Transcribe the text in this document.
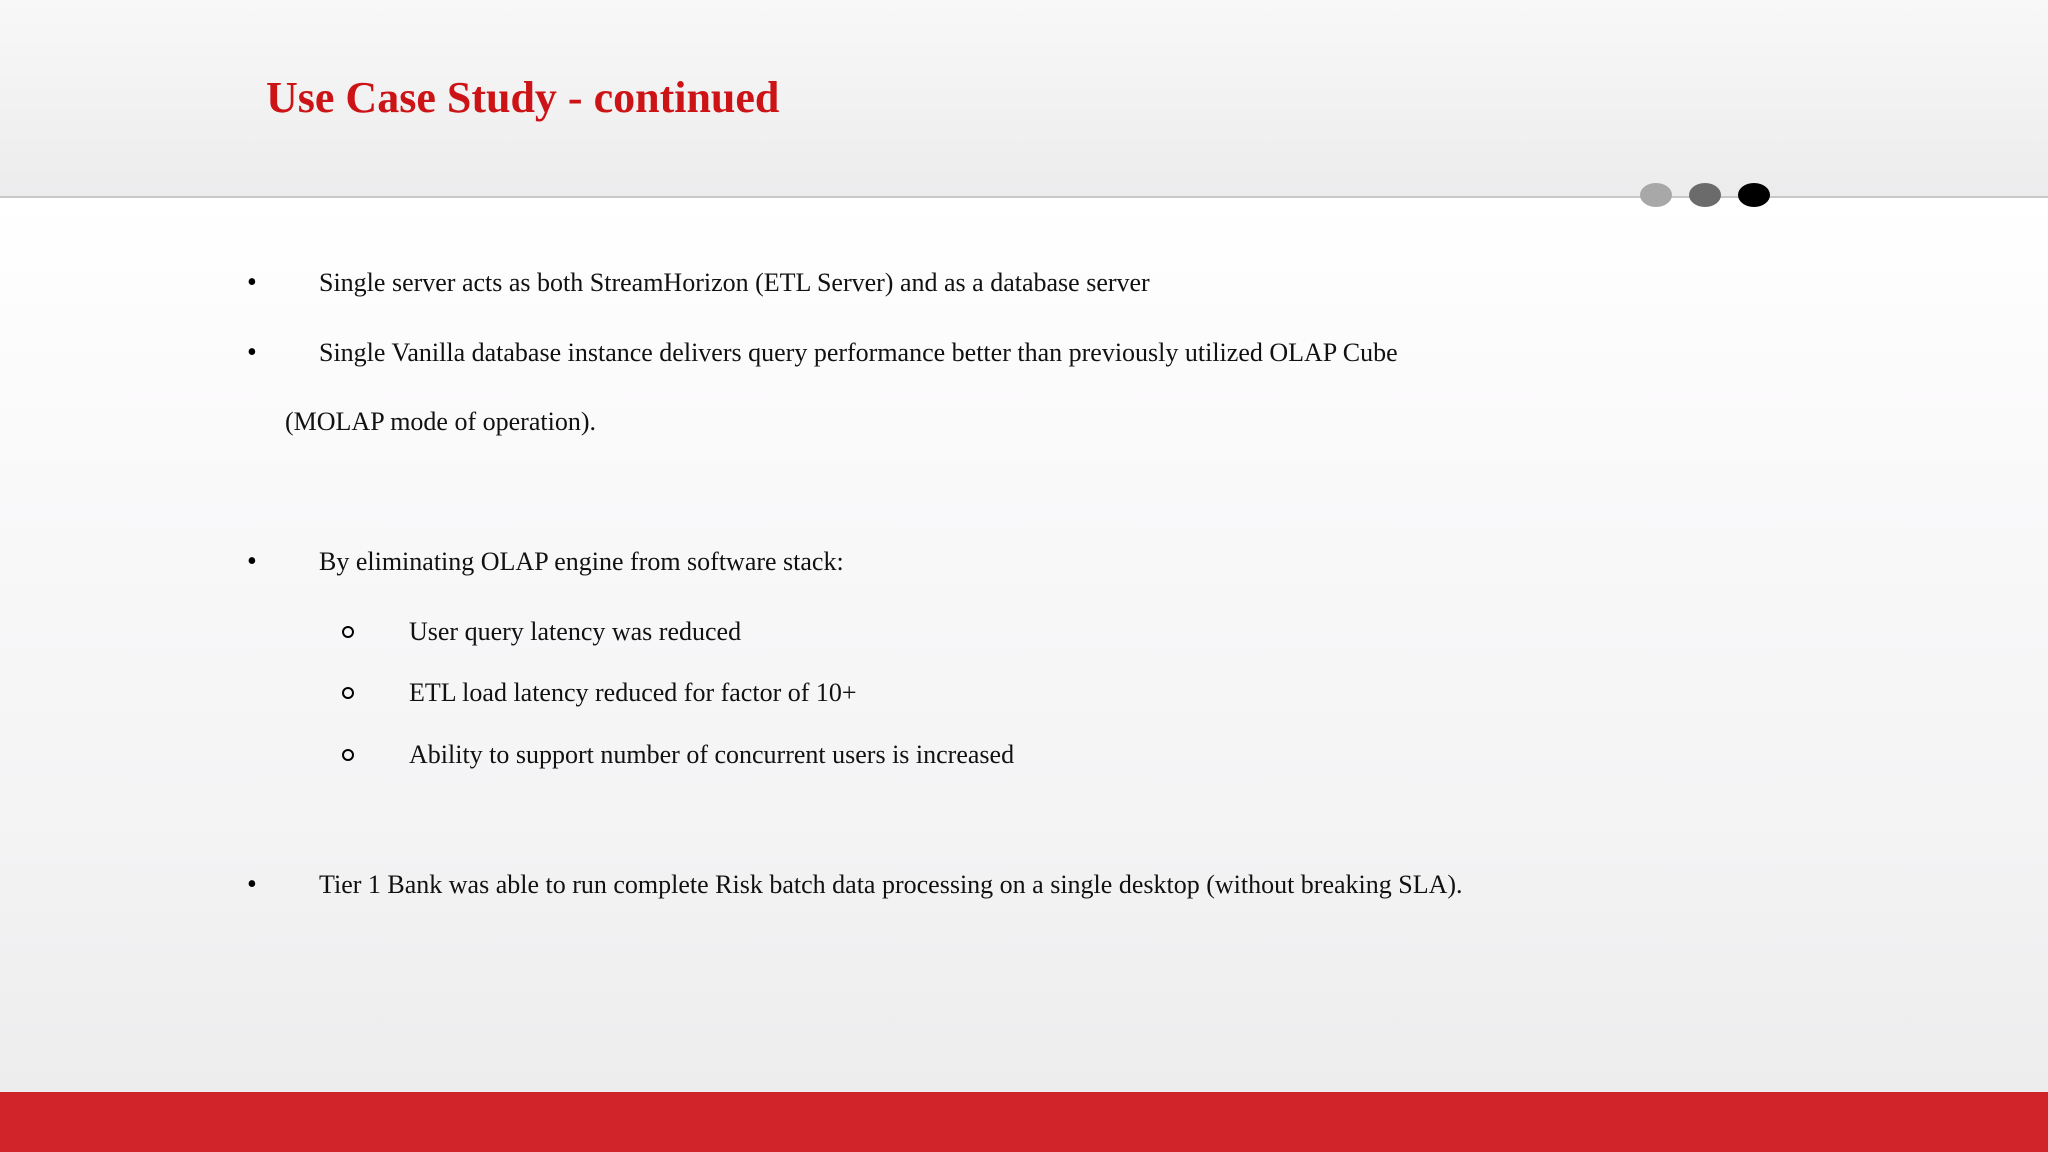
Use Case Study - continued
• Single server acts as both StreamHorizon (ETL Server) and as a database server
• Single Vanilla database instance delivers query performance better than previously utilized OLAP Cube
(MOLAP mode of operation).
• By eliminating OLAP engine from software stack:
User query latency was reduced
ETL load latency reduced for factor of 10+
Ability to support number of concurrent users is increased
• Tier 1 Bank was able to run complete Risk batch data processing on a single desktop (without breaking SLA).
